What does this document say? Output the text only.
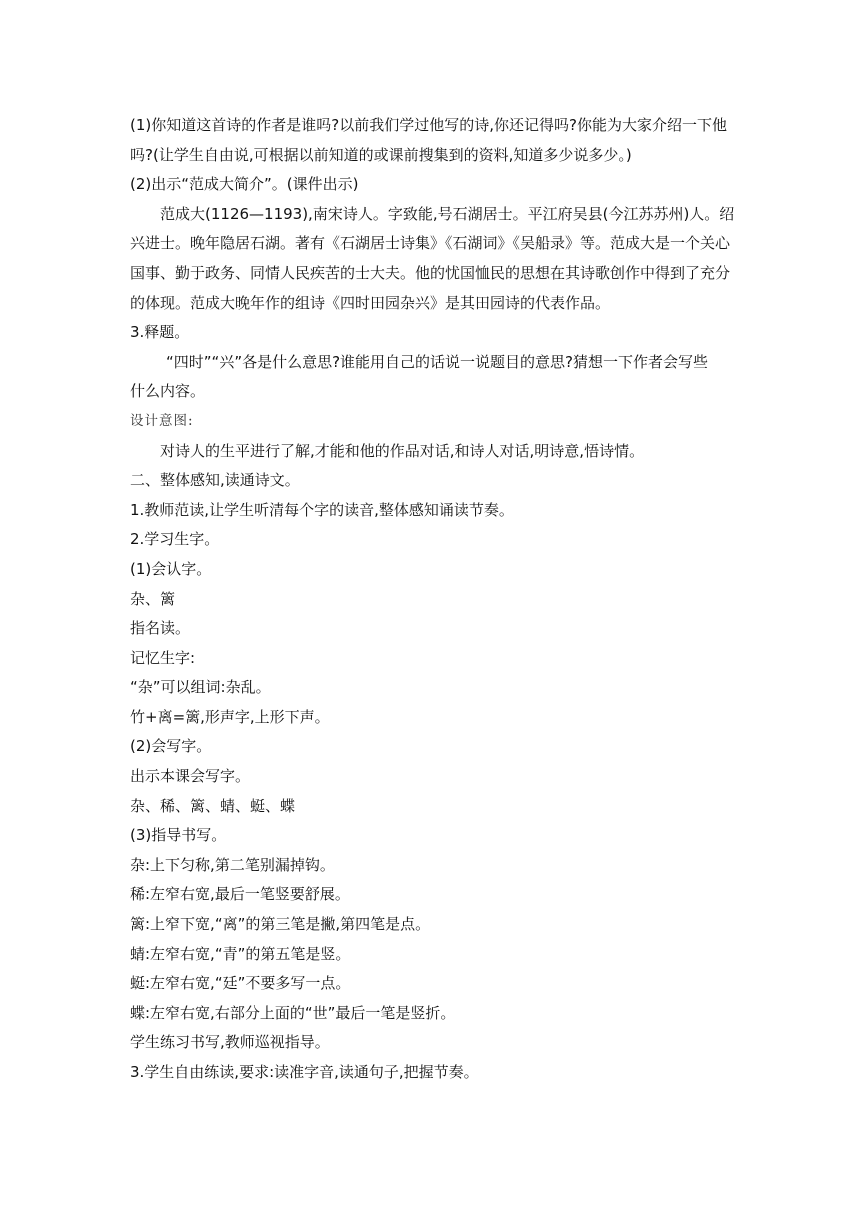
(1)你知道这首诗的作者是谁吗?以前我们学过他写的诗,你还记得吗?你能为大家介绍一下他
吗?(让学生自由说,可根据以前知道的或课前搜集到的资料,知道多少说多少。)
(2)出示“范成大简介”。(课件出示)
范成大(1126—1193),南宋诗人。字致能,号石湖居士。平江府吴县(今江苏苏州)人。绍
兴进士。晚年隐居石湖。著有《石湖居士诗集》《石湖词》《吴船录》等。范成大是一个关心
国事、勤于政务、同情人民疾苦的士大夫。他的忧国恤民的思想在其诗歌创作中得到了充分
的体现。范成大晚年作的组诗《四时田园杂兴》是其田园诗的代表作品。
3.释题。
“四时”“兴”各是什么意思?谁能用自己的话说一说题目的意思?猜想一下作者会写些
什么内容。
设计意图:
对诗人的生平进行了解,才能和他的作品对话,和诗人对话,明诗意,悟诗情。
二、整体感知,读通诗文。
1.教师范读,让学生听清每个字的读音,整体感知诵读节奏。
2.学习生字。
(1)会认字。
杂、篱
指名读。
记忆生字:
“杂”可以组词:杂乱。
竹+离=篱,形声字,上形下声。
(2)会写字。
出示本课会写字。
杂、稀、篱、蜻、蜓、蝶
(3)指导书写。
杂:上下匀称,第二笔别漏掉钩。
稀:左窄右宽,最后一笔竖要舒展。
篱:上窄下宽,“离”的第三笔是撇,第四笔是点。
蜻:左窄右宽,“青”的第五笔是竖。
蜓:左窄右宽,“廷”不要多写一点。
蝶:左窄右宽,右部分上面的“世”最后一笔是竖折。
学生练习书写,教师巡视指导。
3.学生自由练读,要求:读准字音,读通句子,把握节奏。
